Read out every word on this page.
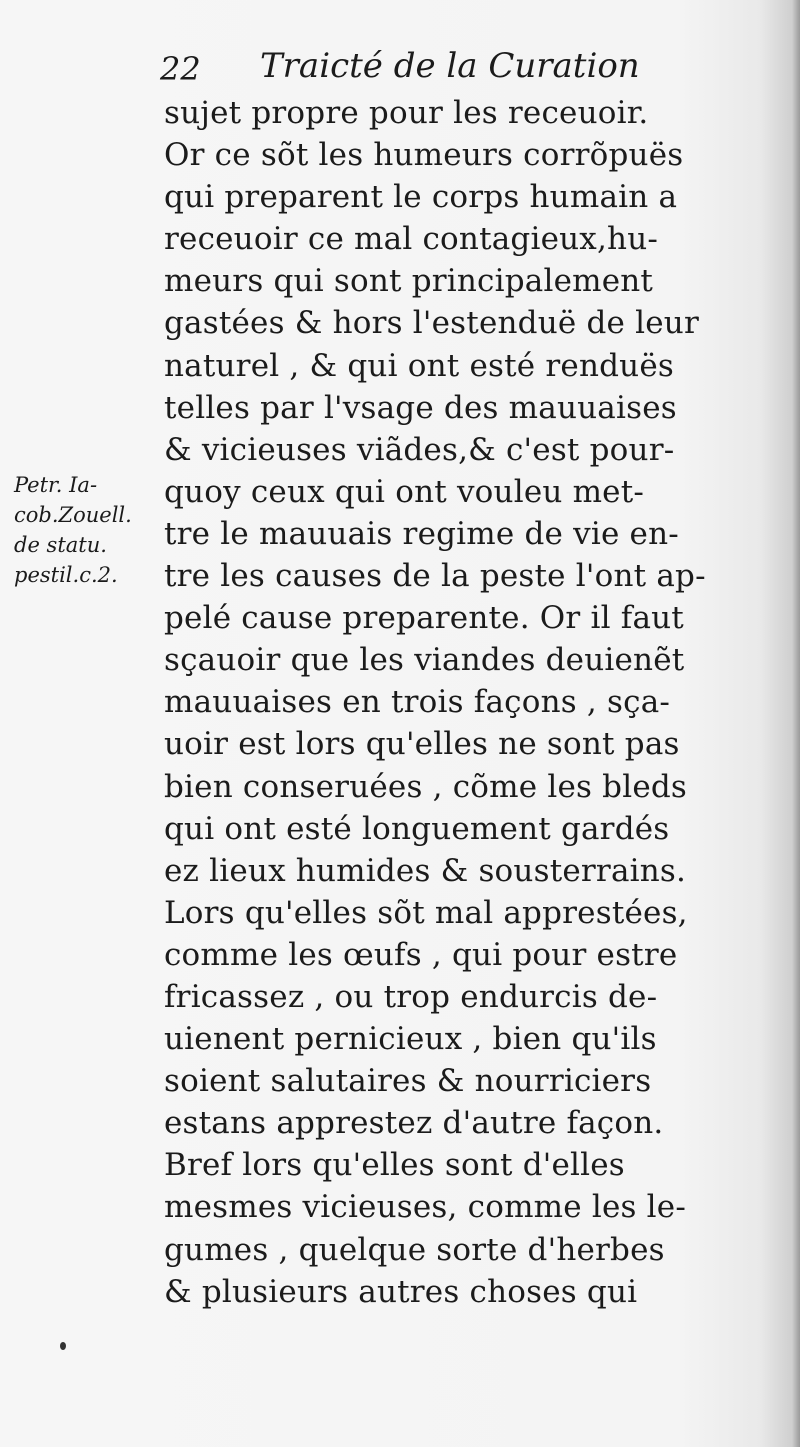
22 Traicté de la Curation
Petr. Ia-
cob.Zouell.
de statu.
pestil.c.2.
sujet propre pour les receuoir.
Or ce sõt les humeurs corrõpuës
qui preparent le corps humain a
receuoir ce mal contagieux,hu-
meurs qui sont principalement
gastées & hors l'estenduë de leur
naturel , & qui ont esté renduës
telles par l'vsage des mauuaises
& vicieuses viãdes,& c'est pour-
quoy ceux qui ont vouleu met-
tre le mauuais regime de vie en-
tre les causes de la peste l'ont ap-
pelé cause preparente. Or il faut
sçauoir que les viandes deuienẽt
mauuaises en trois façons , sça-
uoir est lors qu'elles ne sont pas
bien conseruées , cõme les bleds
qui ont esté longuement gardés
ez lieux humides & sousterrains.
Lors qu'elles sõt mal apprestées,
comme les œufs , qui pour estre
fricassez , ou trop endurcis de-
uienent pernicieux , bien qu'ils
soient salutaires & nourriciers
estans apprestez d'autre façon.
Bref lors qu'elles sont d'elles
mesmes vicieuses, comme les le-
gumes , quelque sorte d'herbes
& plusieurs autres choses qui
